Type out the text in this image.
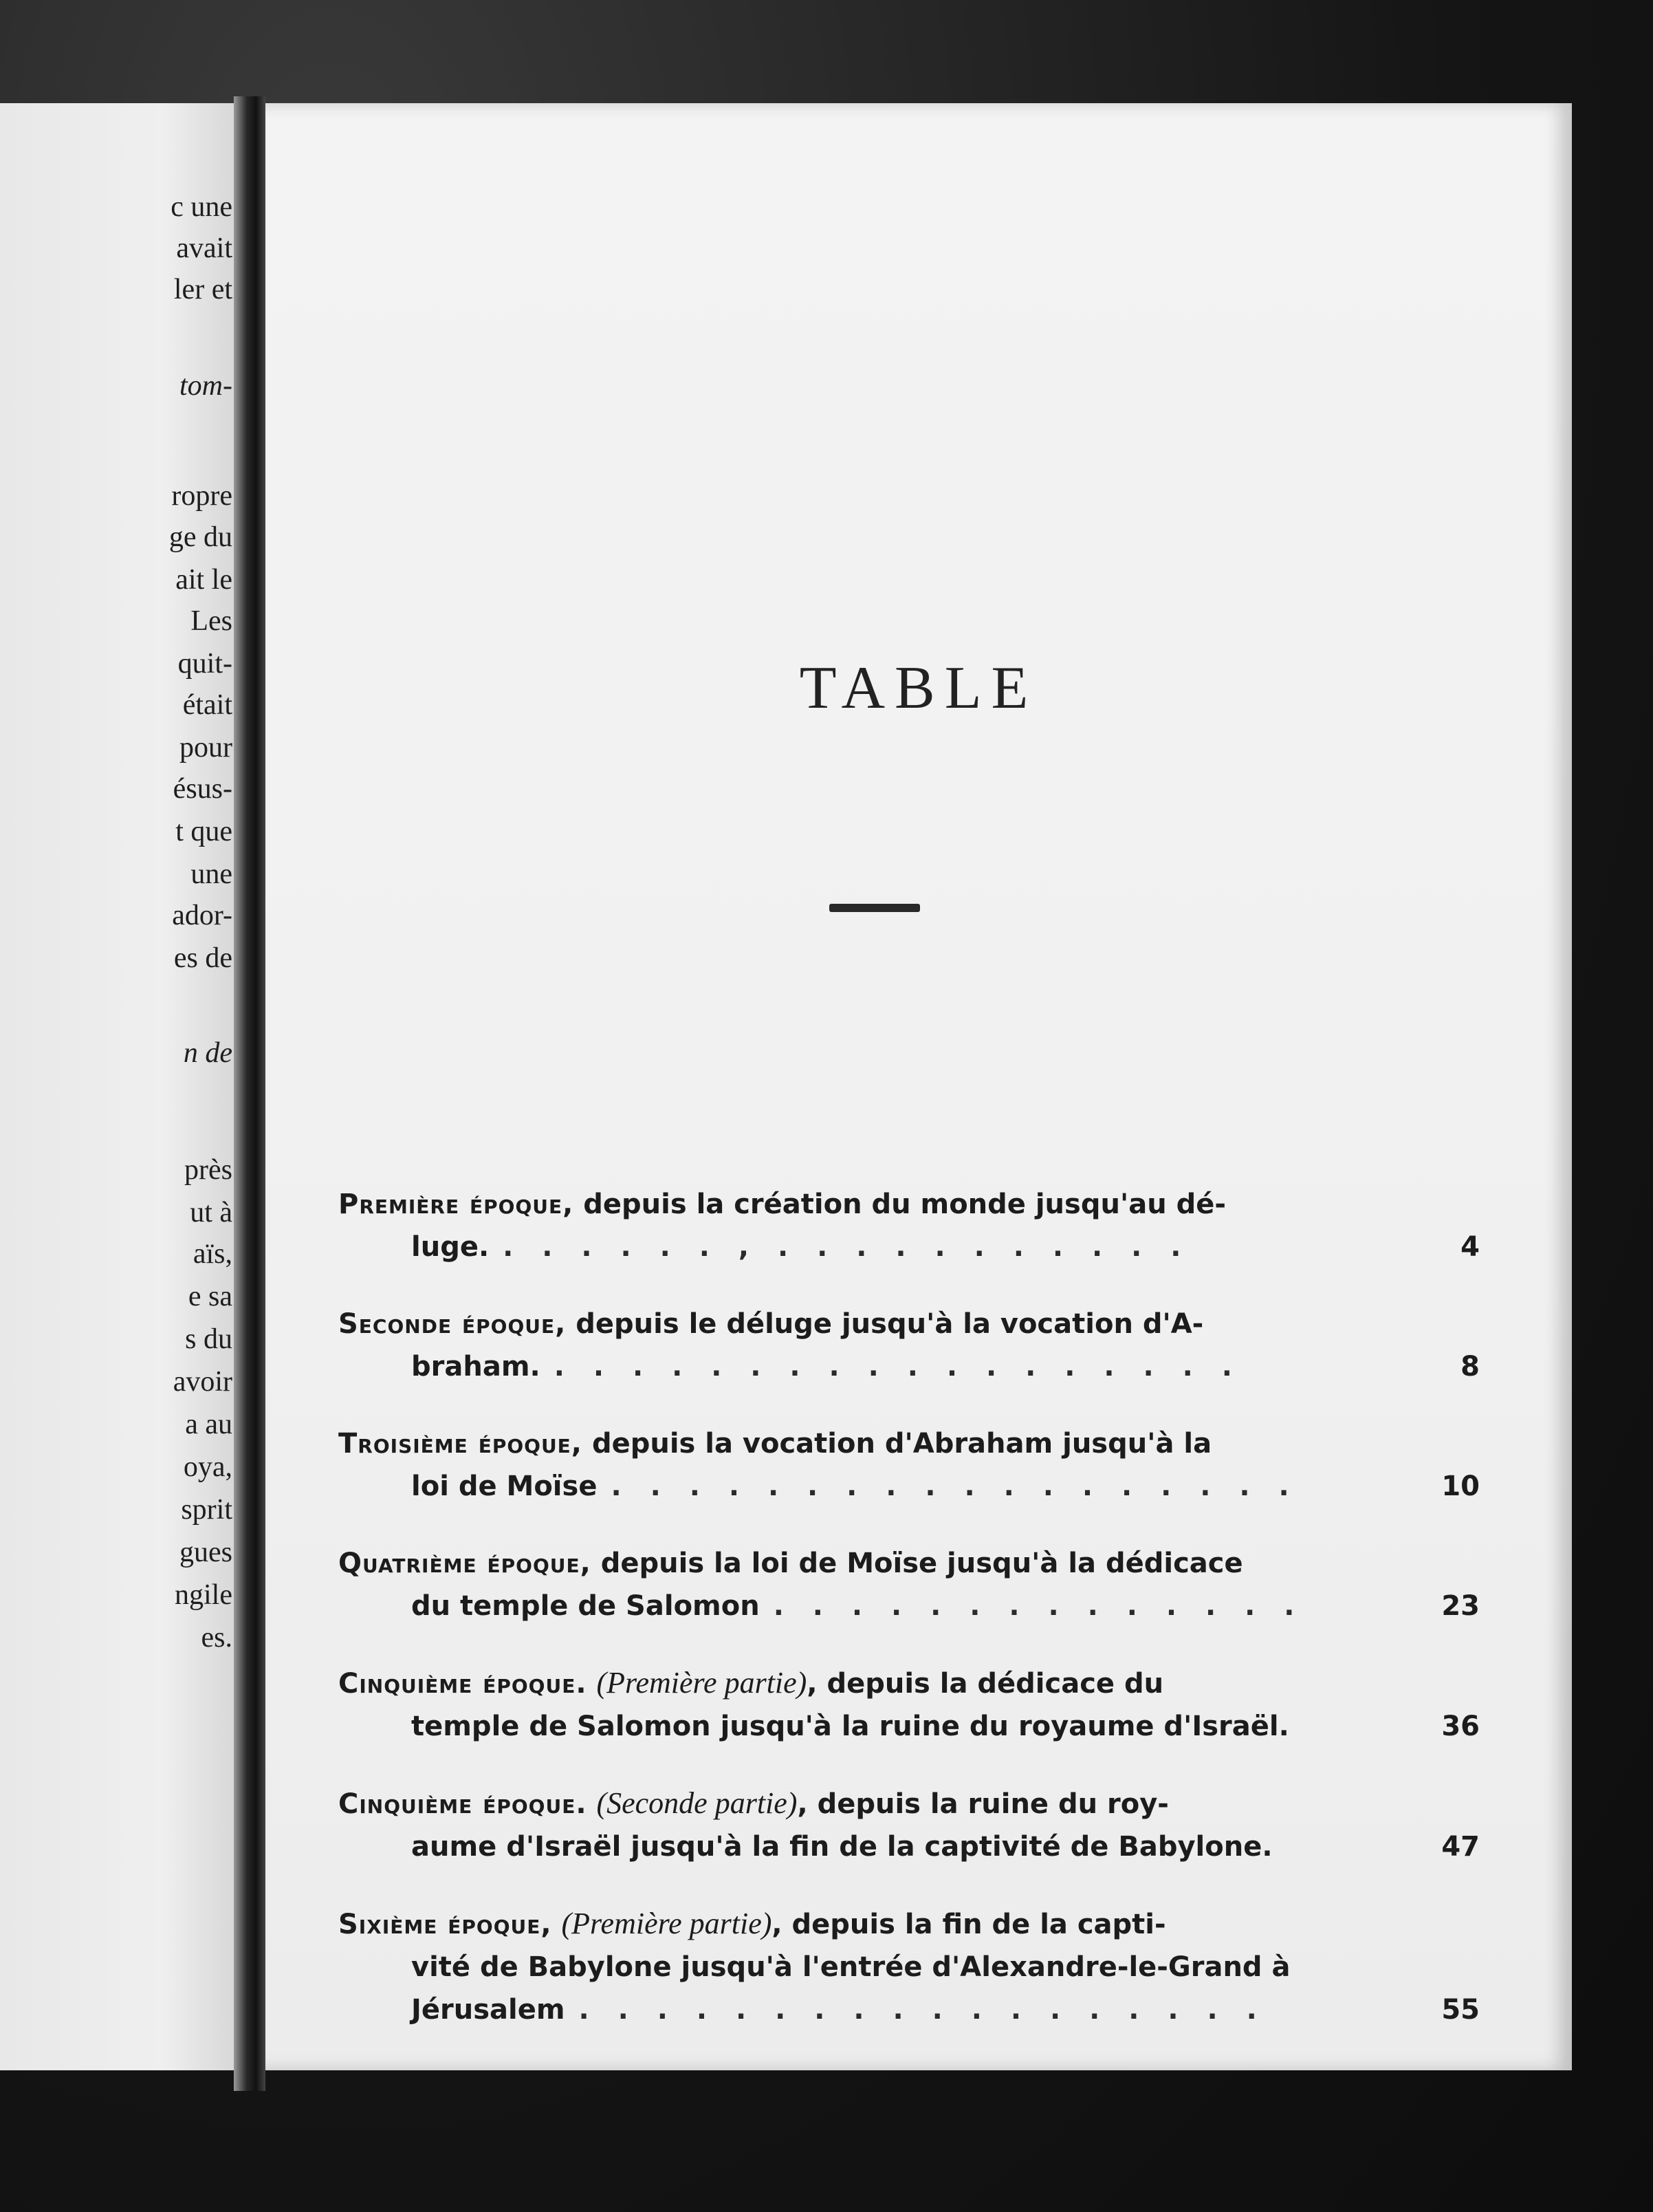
c une
avait
ler et
tom-
ropre
ge du
ait le
Les
quit-
était
pour
ésus-
t que
une
ador-
es de
n de
près
ut à
aïs,
e sa
s du
avoir
a au
oya,
sprit
gues
ngile
es.
TABLE
Première époque, depuis la création du monde jusqu'au dé-
luge. . . . . . . , . . . . . . . . . . .	4
Seconde époque, depuis le déluge jusqu'à la vocation d'A-
braham. . . . . . . . . . . . . . . . . . .	8
Troisième époque, depuis la vocation d'Abraham jusqu'à la
loi de Moïse . . . . . . . . . . . . . . . . . .	10
Quatrième époque, depuis la loi de Moïse jusqu'à la dédicace
du temple de Salomon . . . . . . . . . . . . . .	23
Cinquième époque. (Première partie), depuis la dédicace du
temple de Salomon jusqu'à la ruine du royaume d'Israël.	36
Cinquième époque. (Seconde partie), depuis la ruine du roy-
aume d'Israël jusqu'à la fin de la captivité de Babylone.	47
Sixième époque, (Première partie), depuis la fin de la capti-
vité de Babylone jusqu'à l'entrée d'Alexandre-le-Grand à
Jérusalem . . . . . . . . . . . . . . . . . .	55
